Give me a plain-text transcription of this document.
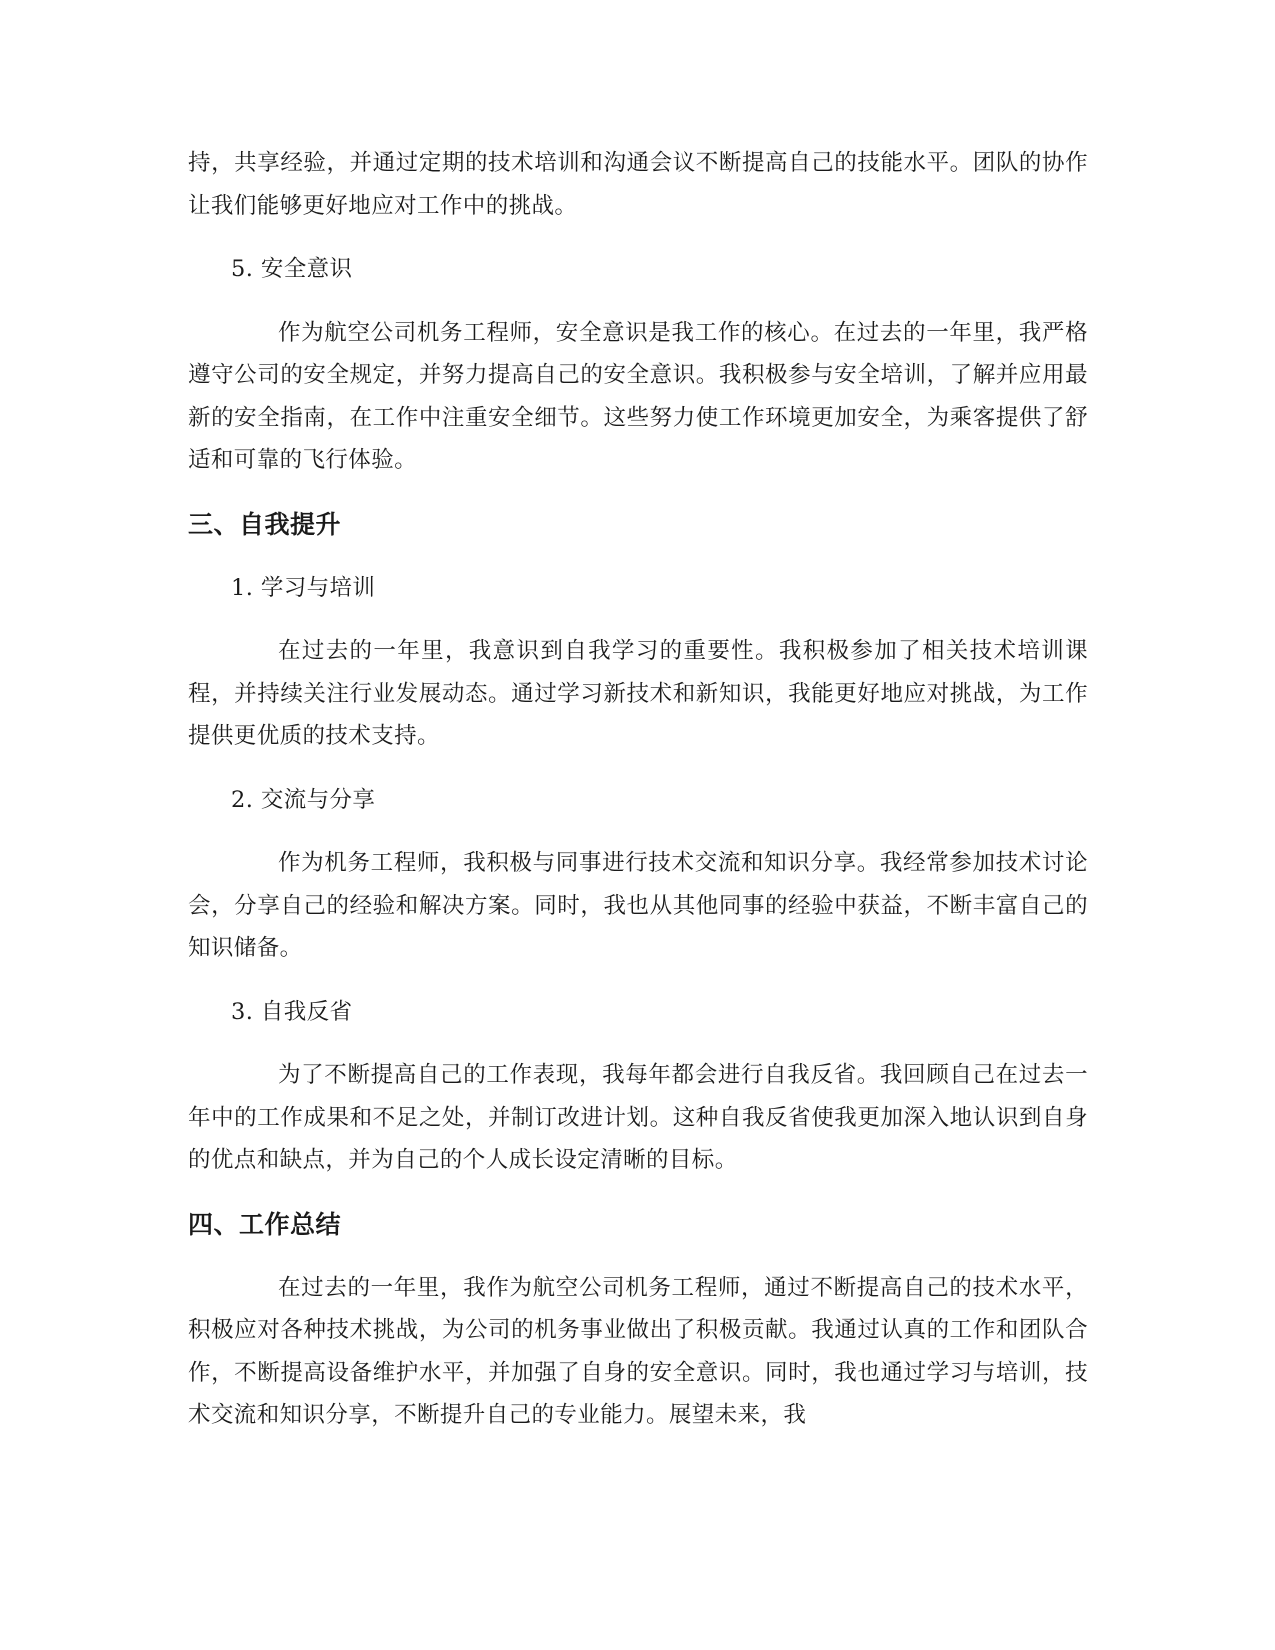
持，共享经验，并通过定期的技术培训和沟通会议不断提高自己的技能水平。团队的协作让我们能够更好地应对工作中的挑战。

5. 安全意识

作为航空公司机务工程师，安全意识是我工作的核心。在过去的一年里，我严格遵守公司的安全规定，并努力提高自己的安全意识。我积极参与安全培训，了解并应用最新的安全指南，在工作中注重安全细节。这些努力使工作环境更加安全，为乘客提供了舒适和可靠的飞行体验。

三、自我提升

1. 学习与培训

在过去的一年里，我意识到自我学习的重要性。我积极参加了相关技术培训课程，并持续关注行业发展动态。通过学习新技术和新知识，我能更好地应对挑战，为工作提供更优质的技术支持。

2. 交流与分享

作为机务工程师，我积极与同事进行技术交流和知识分享。我经常参加技术讨论会，分享自己的经验和解决方案。同时，我也从其他同事的经验中获益，不断丰富自己的知识储备。

3. 自我反省

为了不断提高自己的工作表现，我每年都会进行自我反省。我回顾自己在过去一年中的工作成果和不足之处，并制订改进计划。这种自我反省使我更加深入地认识到自身的优点和缺点，并为自己的个人成长设定清晰的目标。

四、工作总结

在过去的一年里，我作为航空公司机务工程师，通过不断提高自己的技术水平，积极应对各种技术挑战，为公司的机务事业做出了积极贡献。我通过认真的工作和团队合作，不断提高设备维护水平，并加强了自身的安全意识。同时，我也通过学习与培训，技术交流和知识分享，不断提升自己的专业能力。展望未来，我
